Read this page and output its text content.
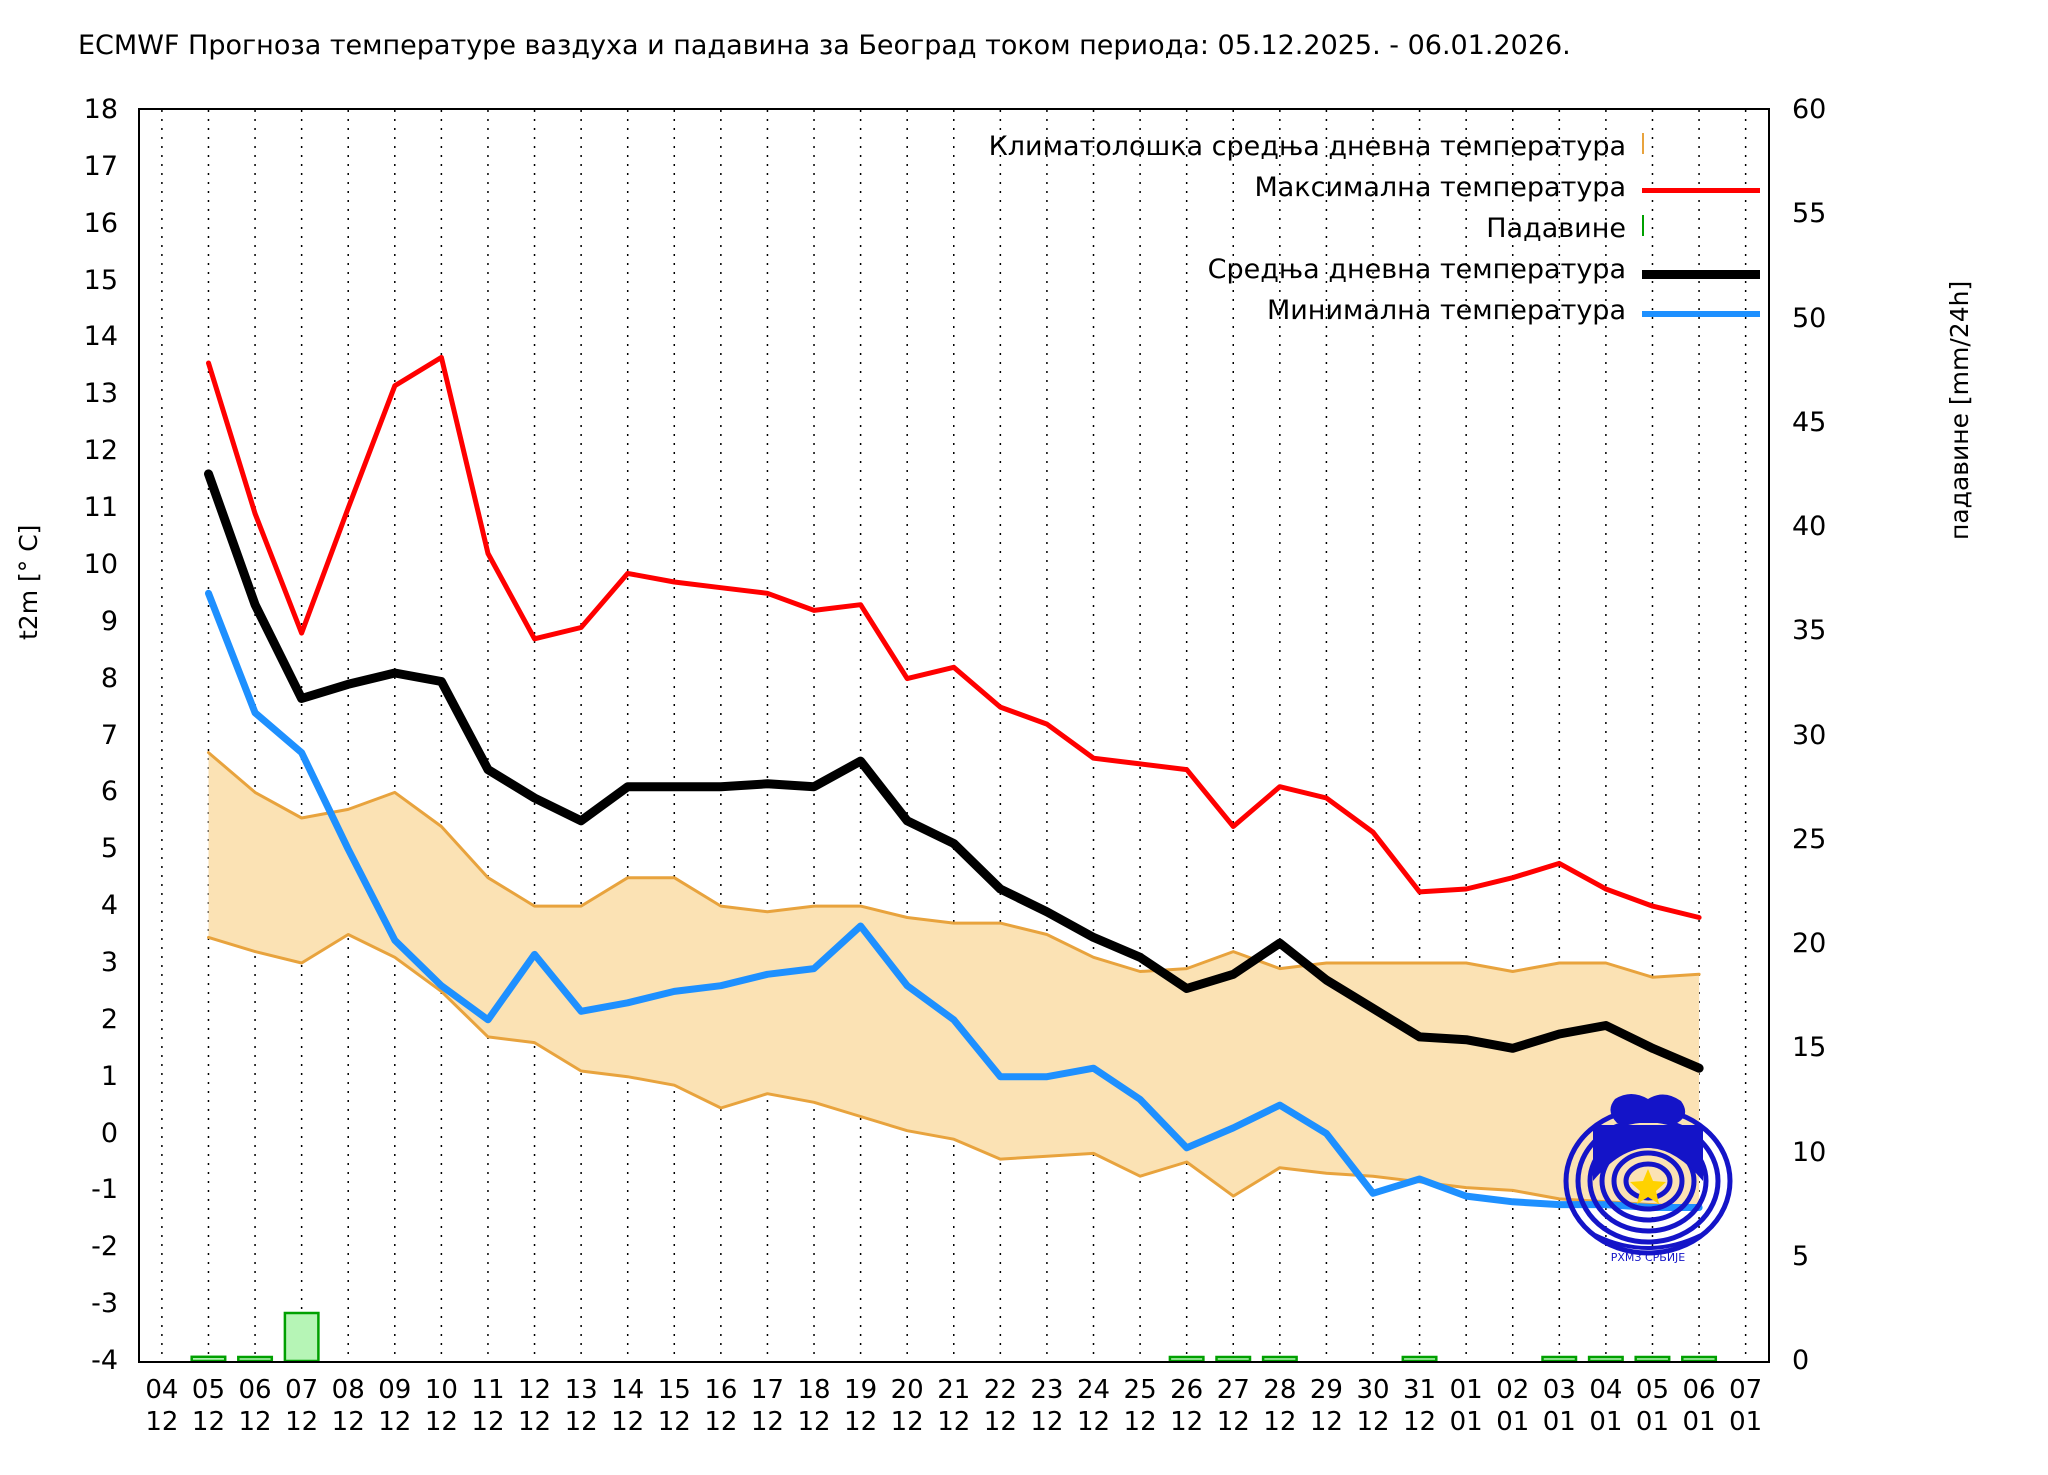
ECMWF Прогноза температуре ваздуха и падавина за Београд током периода: 05.12.2025. - 06.01.2026.
t2m [° C]
падавине [mm/24h]
18
17
16
15
14
13
12
11
10
9
8
7
6
5
4
3
2
1
0
-1
-2
-3
-4
60
55
50
45
40
35
30
25
20
15
10
5
0
04
12
05
12
06
12
07
12
08
12
09
12
10
12
11
12
12
12
13
12
14
12
15
12
16
12
17
12
18
12
19
12
20
12
21
12
22
12
23
12
24
12
25
12
26
12
27
12
28
12
29
12
30
12
31
12
01
01
02
01
03
01
04
01
05
01
06
01
07
01
Климатолошка средња дневна температура
Максимална температура
Падавине
Средња дневна температура
Минимална температура
РХМЗ СРБИЈЕ
